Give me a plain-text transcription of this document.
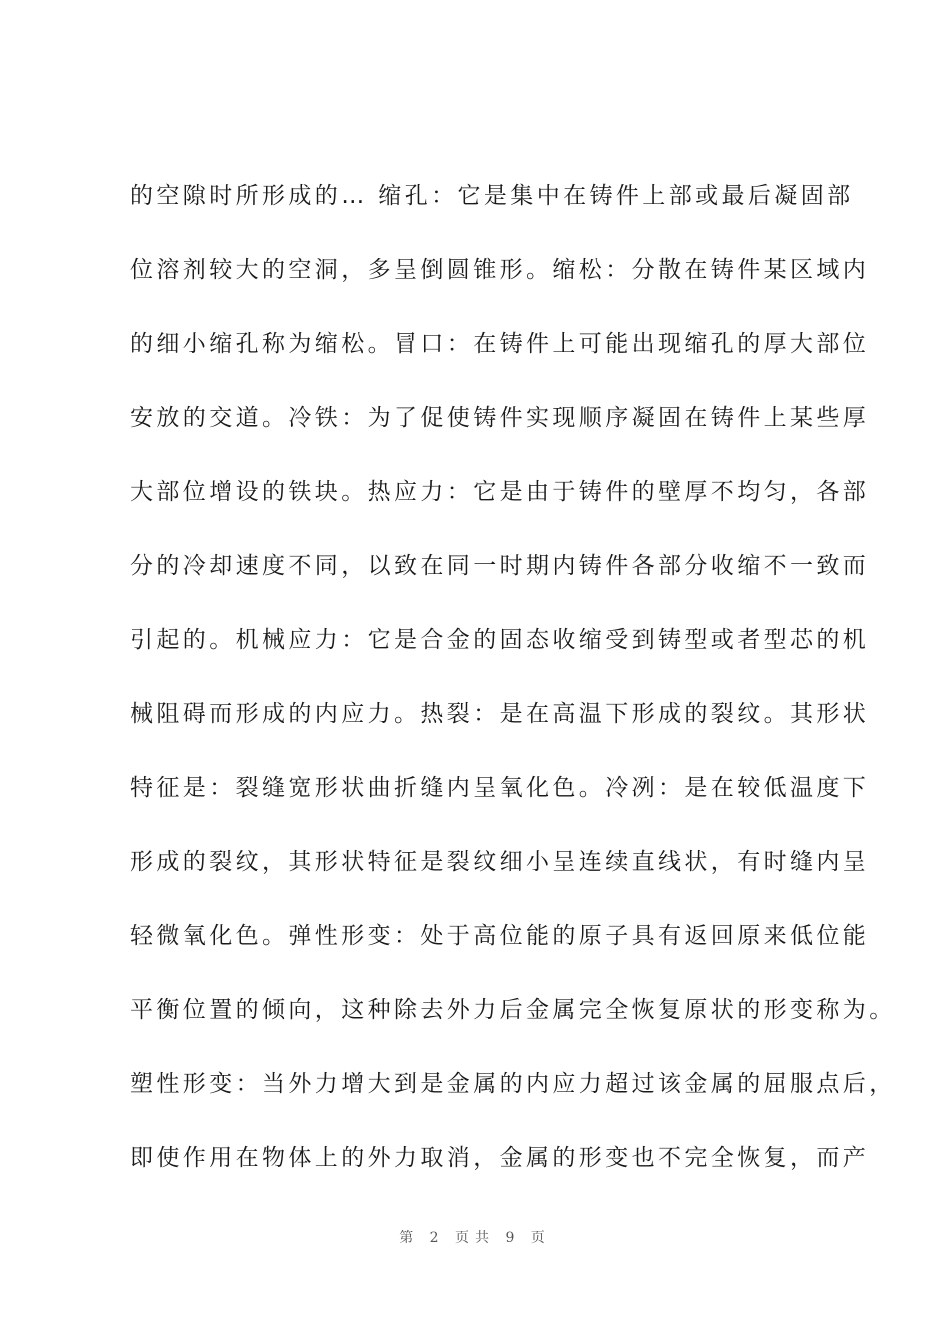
的空隙时所形成的… 缩孔：它是集中在铸件上部或最后凝固部
位溶剂较大的空洞，多呈倒圆锥形。缩松：分散在铸件某区域内
的细小缩孔称为缩松。冒口：在铸件上可能出现缩孔的厚大部位
安放的交道。冷铁：为了促使铸件实现顺序凝固在铸件上某些厚
大部位增设的铁块。热应力：它是由于铸件的壁厚不均匀，各部
分的冷却速度不同，以致在同一时期内铸件各部分收缩不一致而
引起的。机械应力：它是合金的固态收缩受到铸型或者型芯的机
械阻碍而形成的内应力。热裂：是在高温下形成的裂纹。其形状
特征是：裂缝宽形状曲折缝内呈氧化色。冷冽：是在较低温度下
形成的裂纹，其形状特征是裂纹细小呈连续直线状，有时缝内呈
轻微氧化色。弹性形变：处于高位能的原子具有返回原来低位能
平衡位置的倾向，这种除去外力后金属完全恢复原状的形变称为。
塑性形变：当外力增大到是金属的内应力超过该金属的屈服点后，
即使作用在物体上的外力取消，金属的形变也不完全恢复，而产
第 2 页共 9 页
